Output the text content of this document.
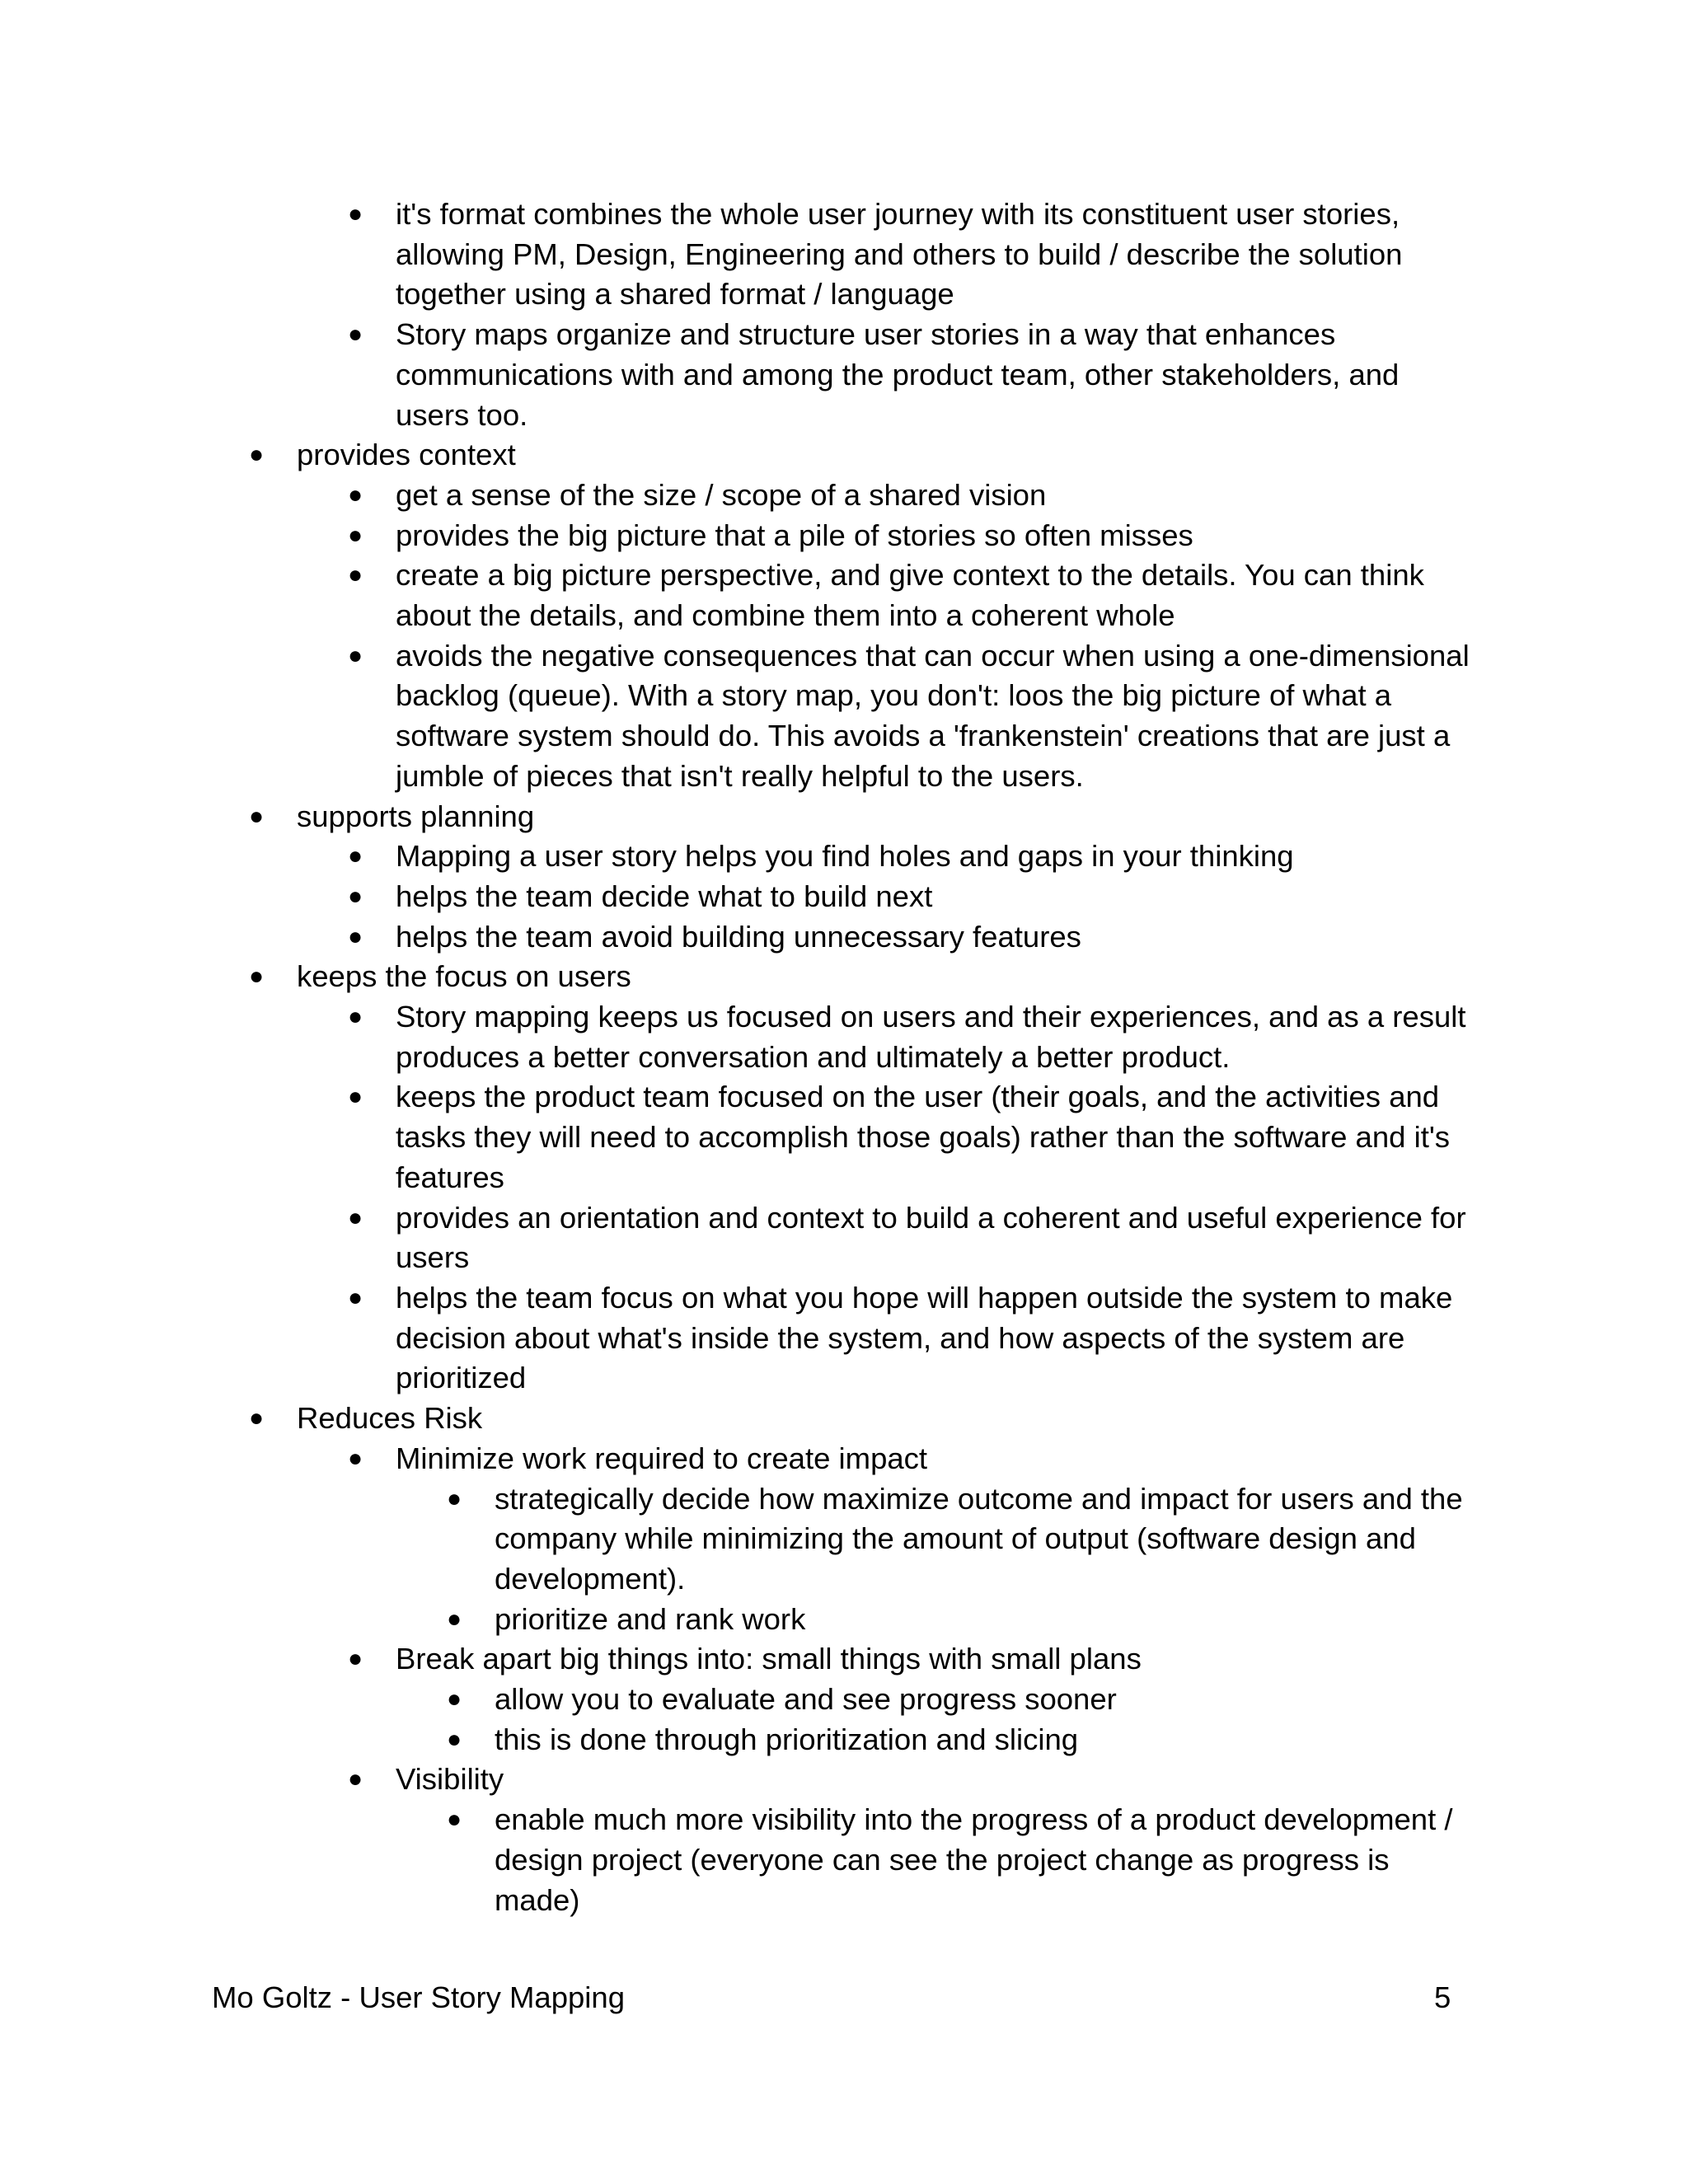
● it's format combines the whole user journey with its constituent user stories,
allowing PM, Design, Engineering and others to build / describe the solution
together using a shared format / language
● Story maps organize and structure user stories in a way that enhances
communications with and among the product team, other stakeholders, and
users too.
● provides context
● get a sense of the size / scope of a shared vision
● provides the big picture that a pile of stories so often misses
● create a big picture perspective, and give context to the details. You can think
about the details, and combine them into a coherent whole
● avoids the negative consequences that can occur when using a one-dimensional
backlog (queue). With a story map, you don't: loos the big picture of what a
software system should do. This avoids a 'frankenstein' creations that are just a
jumble of pieces that isn't really helpful to the users.
● supports planning
● Mapping a user story helps you find holes and gaps in your thinking
● helps the team decide what to build next
● helps the team avoid building unnecessary features
● keeps the focus on users
● Story mapping keeps us focused on users and their experiences, and as a result
produces a better conversation and ultimately a better product.
● keeps the product team focused on the user (their goals, and the activities and
tasks they will need to accomplish those goals) rather than the software and it's
features
● provides an orientation and context to build a coherent and useful experience for
users
● helps the team focus on what you hope will happen outside the system to make
decision about what's inside the system, and how aspects of the system are
prioritized
● Reduces Risk
● Minimize work required to create impact
● strategically decide how maximize outcome and impact for users and the
company while minimizing the amount of output (software design and
development).
● prioritize and rank work
● Break apart big things into: small things with small plans
● allow you to evaluate and see progress sooner
● this is done through prioritization and slicing
● Visibility
● enable much more visibility into the progress of a product development /
design project (everyone can see the project change as progress is
made)
Mo Goltz - User Story Mapping	5
